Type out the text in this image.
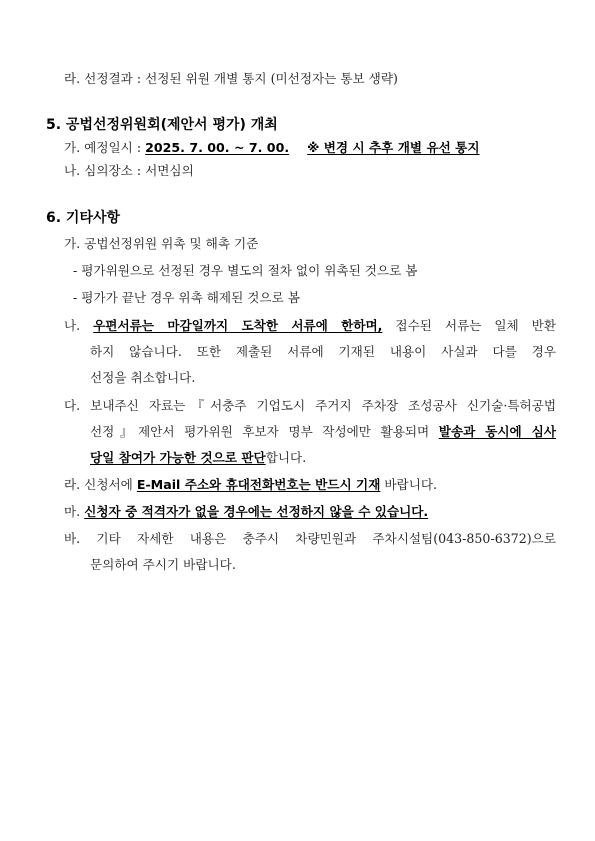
라. 선정결과 : 선정된 위원 개별 통지 (미선정자는 통보 생략)
5. 공법선정위원회(제안서 평가) 개최
가. 예정일시 : 2025. 7. 00. ~ 7. 00. ※ 변경 시 추후 개별 유선 통지
나. 심의장소 : 서면심의
6. 기타사항
가. 공법선정위원 위촉 및 해촉 기준
- 평가위원으로 선정된 경우 별도의 절차 없이 위촉된 것으로 봄
- 평가가 끝난 경우 위촉 해제된 것으로 봄
나. 우편서류는 마감일까지 도착한 서류에 한하며, 접수된 서류는 일체 반환
하지 않습니다. 또한 제출된 서류에 기재된 내용이 사실과 다를 경우
선정을 취소합니다.
다. 보내주신 자료는『서충주 기업도시 주거지 주차장 조성공사 신기술·특허공법
선정』제안서 평가위원 후보자 명부 작성에만 활용되며 발송과 동시에 심사
당일 참여가 가능한 것으로 판단합니다.
라. 신청서에 E-Mail 주소와 휴대전화번호는 반드시 기재 바랍니다.
마. 신청자 중 적격자가 없을 경우에는 선정하지 않을 수 있습니다.
바. 기타 자세한 내용은 충주시 차량민원과 주차시설팀(043-850-6372)으로
문의하여 주시기 바랍니다.
